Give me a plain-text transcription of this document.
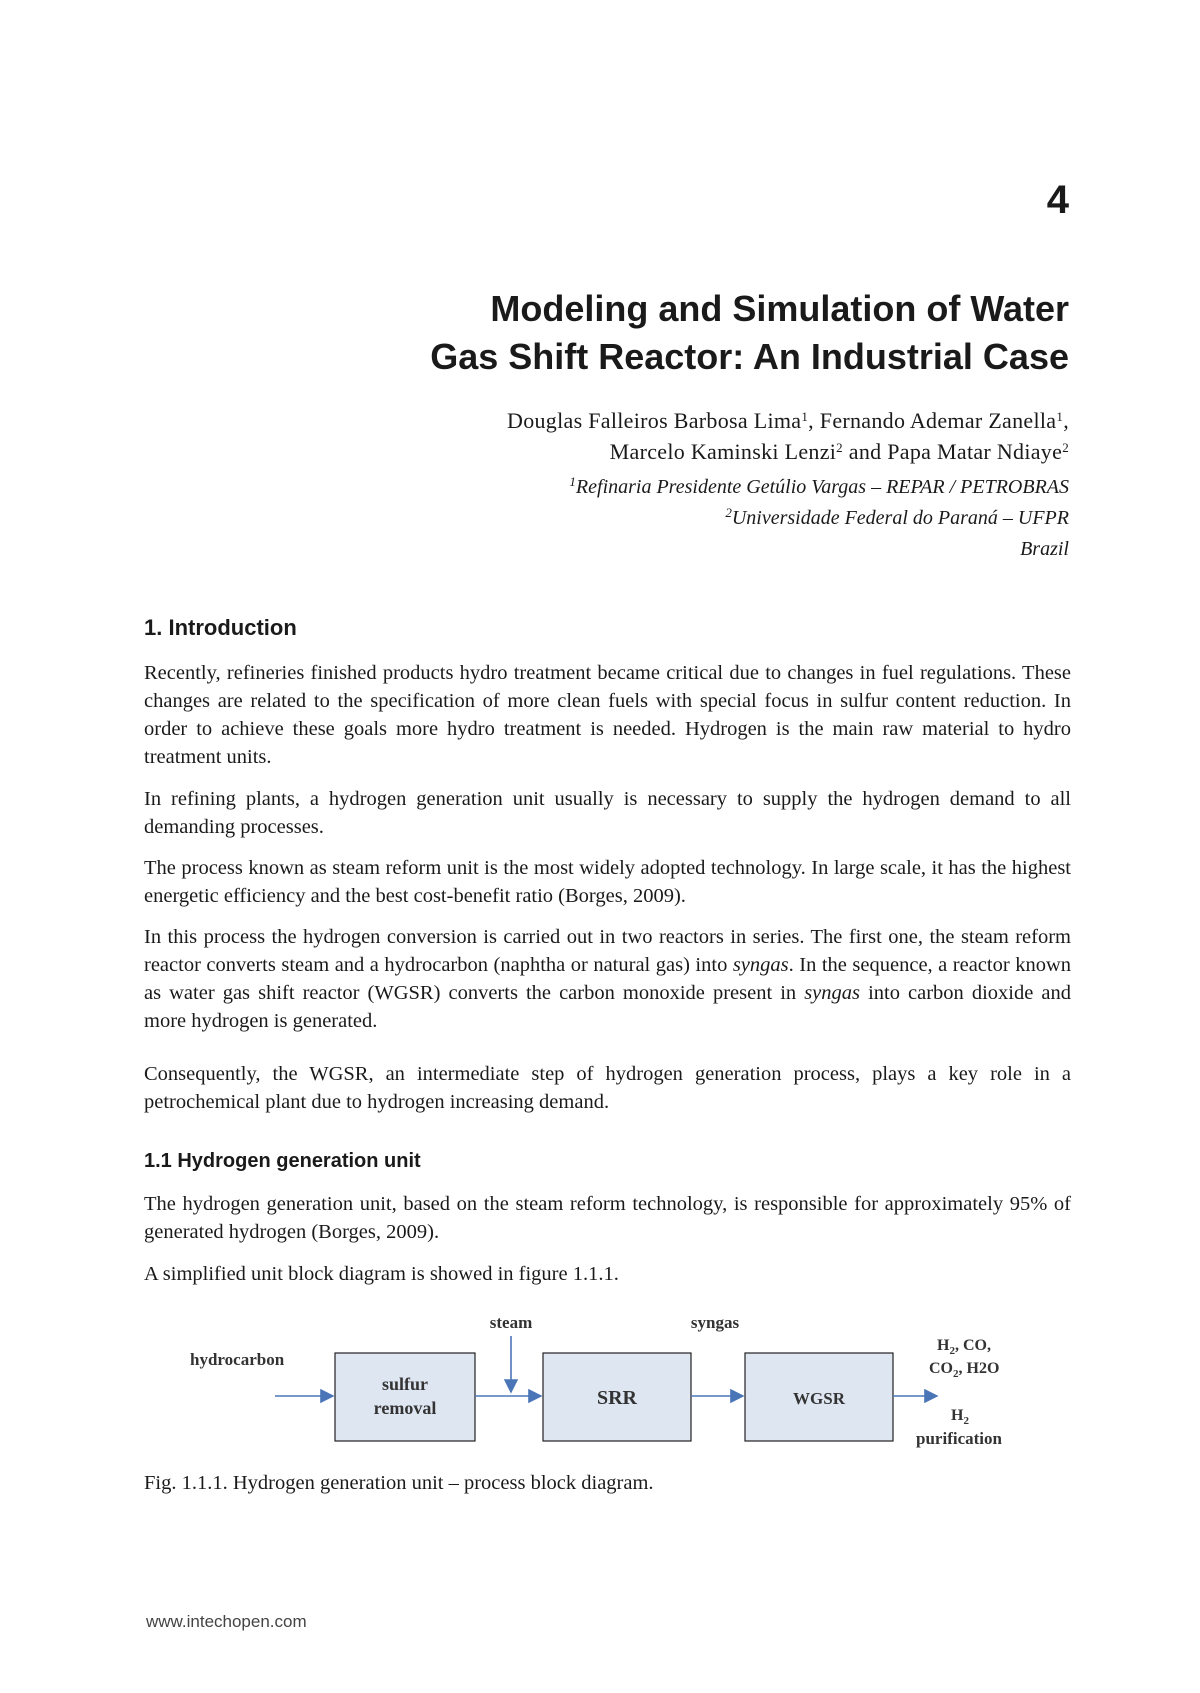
4
Modeling and Simulation of Water
Gas Shift Reactor: An Industrial Case
Douglas Falleiros Barbosa Lima$^1$, Fernando Ademar Zanella$^1$,
Marcelo Kaminski Lenzi$^2$ and Papa Matar Ndiaye$^2$
$^1$Refinaria Presidente Getúlio Vargas – REPAR / PETROBRAS
$^2$Universidade Federal do Paraná – UFPR
Brazil
1. Introduction

Recently, refineries finished products hydro treatment became critical due to changes in fuel regulations. These changes are related to the specification of more clean fuels with special focus in sulfur content reduction. In order to achieve these goals more hydro treatment is needed. Hydrogen is the main raw material to hydro treatment units.

In refining plants, a hydrogen generation unit usually is necessary to supply the hydrogen demand to all demanding processes.

The process known as steam reform unit is the most widely adopted technology. In large scale, it has the highest energetic efficiency and the best cost-benefit ratio (Borges, 2009).

In this process the hydrogen conversion is carried out in two reactors in series. The first one, the steam reform reactor converts steam and a hydrocarbon (naphtha or natural gas) into syngas. In the sequence, a reactor known as water gas shift reactor (WGSR) converts the carbon monoxide present in syngas into carbon dioxide and more hydrogen is generated.

Consequently, the WGSR, an intermediate step of hydrogen generation process, plays a key role in a petrochemical plant due to hydrogen increasing demand.

1.1 Hydrogen generation unit

The hydrogen generation unit, based on the steam reform technology, is responsible for approximately 95% of generated hydrogen (Borges, 2009).

A simplified unit block diagram is showed in figure 1.1.1.

hydrocarbon
sulfur
removal
steam
SRR
syngas
WGSR
$H_2$, CO,
$CO_2$, H2O
$H_2$
purification
Fig. 1.1.1. Hydrogen generation unit – process block diagram.
www.intechopen.com
